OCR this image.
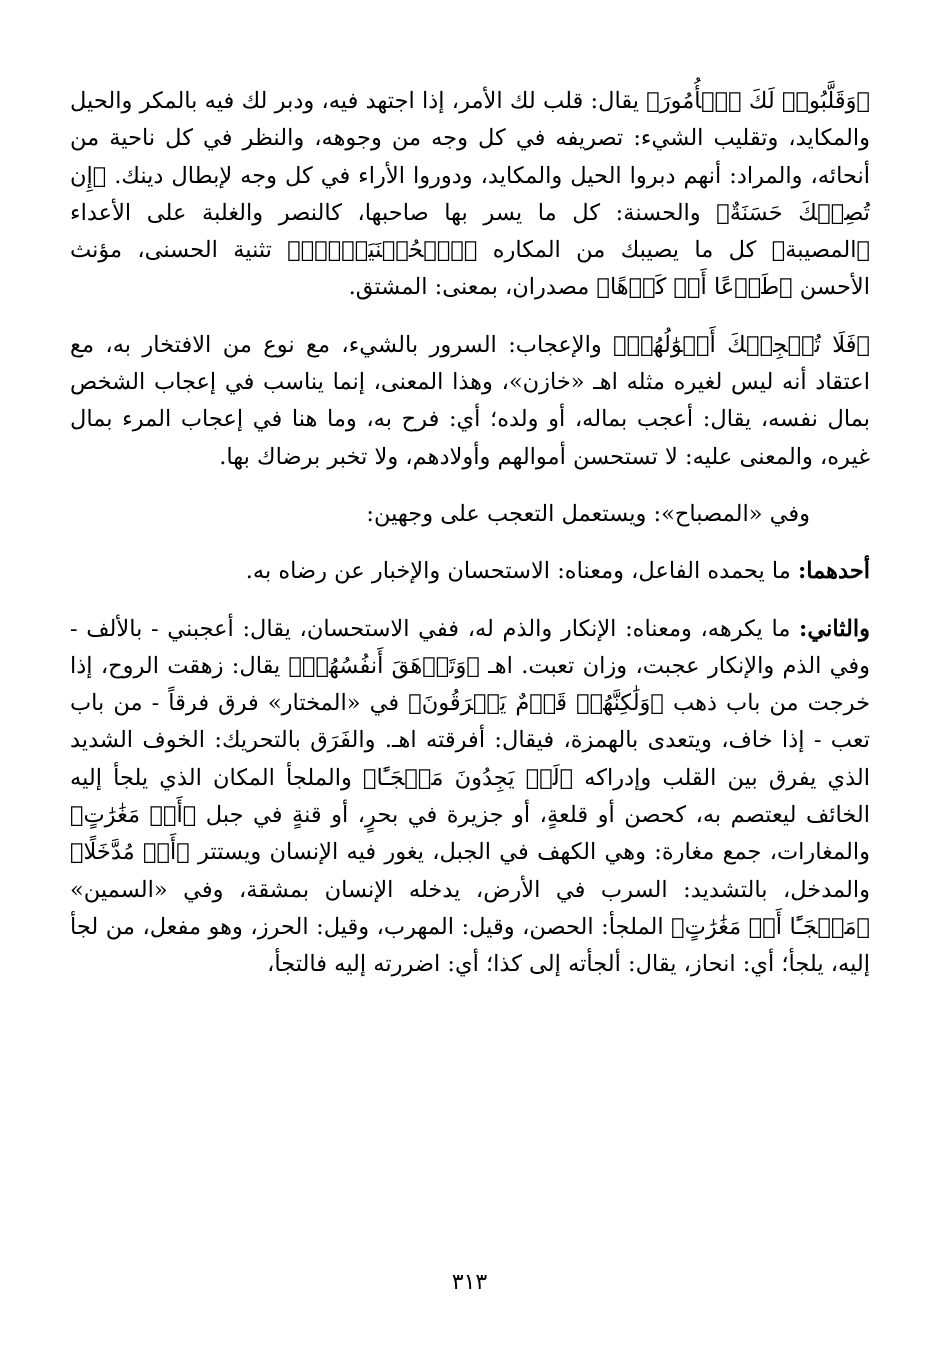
﴿وَقَلَّبُوا۟ لَكَ ٱلۡأُمُورَ﴾ يقال: قلب لك الأمر، إذا اجتهد فيه، ودبر لك فيه بالمكر والحيل والمكايد، وتقليب الشيء: تصريفه في كل وجه من وجوهه، والنظر في كل ناحية من أنحائه، والمراد: أنهم دبروا الحيل والمكايد، ودوروا الأراء في كل وجه لإبطال دينك. ﴿إِن تُصِبۡكَ حَسَنَةٌ﴾ والحسنة: كل ما يسر بها صاحبها، كالنصر والغلبة على الأعداء ﴿المصيبة﴾ كل ما يصيبك من المكاره ﴿ٱلۡحُسۡنَيَيۡنِۖ﴾ تثنية الحسنى، مؤنث الأحسن ﴿طَوۡعًا أَوۡ كَرۡهًا﴾ مصدران، بمعنى: المشتق.

﴿فَلَا تُعۡجِبۡكَ أَمۡوَٰلُهُمۡ﴾ والإعجاب: السرور بالشيء، مع نوع من الافتخار به، مع اعتقاد أنه ليس لغيره مثله اهـ «خازن»، وهذا المعنى، إنما يناسب في إعجاب الشخص بمال نفسه، يقال: أعجب بماله، أو ولده؛ أي: فرح به، وما هنا في إعجاب المرء بمال غيره، والمعنى عليه: لا تستحسن أموالهم وأولادهم، ولا تخبر برضاك بها.

وفي «المصباح»: ويستعمل التعجب على وجهين:

أحدهما: ما يحمده الفاعل، ومعناه: الاستحسان والإخبار عن رضاه به.

والثاني: ما يكرهه، ومعناه: الإنكار والذم له، ففي الاستحسان، يقال: أعجبني - بالألف - وفي الذم والإنكار عجبت، وزان تعبت. اهـ ﴿وَتَزۡهَقَ أَنفُسُهُمۡ﴾ يقال: زهقت الروح، إذا خرجت من باب ذهب ﴿وَلَٰكِنَّهُمۡ قَوۡمٌ يَفۡرَقُونَ﴾ في «المختار» فرق فرقاً - من باب تعب - إذا خاف، ويتعدى بالهمزة، فيقال: أفرقته اهـ. والفَرَق بالتحريك: الخوف الشديد الذي يفرق بين القلب وإدراكه ﴿لَوۡ يَجِدُونَ مَلۡجَـًٔا﴾ والملجأ المكان الذي يلجأ إليه الخائف ليعتصم به، كحصن أو قلعةٍ، أو جزيرة في بحرٍ، أو قنةٍ في جبل ﴿أَوۡ مَغَٰرَٰتٍ﴾ والمغارات، جمع مغارة: وهي الكهف في الجبل، يغور فيه الإنسان ويستتر ﴿أَوۡ مُدَّخَلًا﴾ والمدخل، بالتشديد: السرب في الأرض، يدخله الإنسان بمشقة، وفي «السمين» ﴿مَلۡجَـًٔا أَوۡ مَغَٰرَٰتٍ﴾ الملجأ: الحصن، وقيل: المهرب، وقيل: الحرز، وهو مفعل، من لجأ إليه، يلجأ؛ أي: انحاز، يقال: ألجأته إلى كذا؛ أي: اضررته إليه فالتجأ،

٣١٣
